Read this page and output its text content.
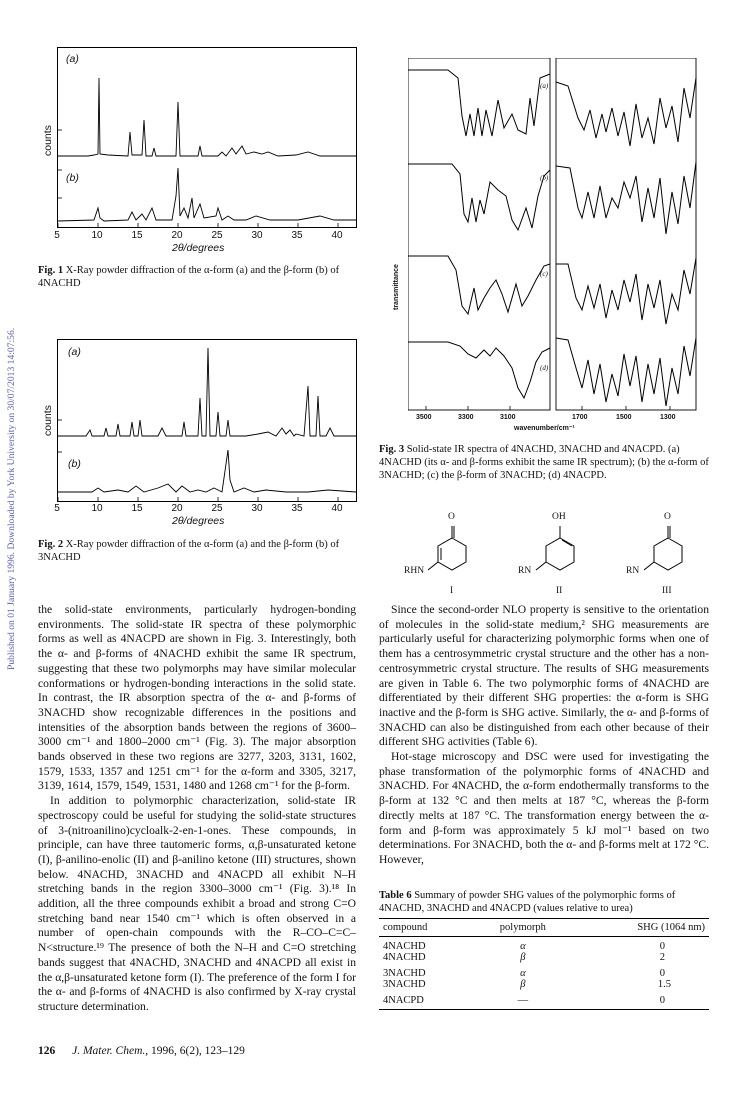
Published on 01 January 1996. Downloaded by York University on 30/07/2013 14:07:56.
(a)
(b)
counts
5	10	15	20	25	30	35	40
2θ/degrees
Fig. 1 X-Ray powder diffraction of the α-form (a) and the β-form (b) of 4NACHD
(a)
(b)
counts
5	10	15	20	25	30	35	40
2θ/degrees
Fig. 2 X-Ray powder diffraction of the α-form (a) and the β-form (b) of 3NACHD
(a)
(b)
(c)
(d)
3500	3300	3100	1700	1500	1300
wavenumber/cm⁻¹
transmittance
Fig. 3 Solid-state IR spectra of 4NACHD, 3NACHD and 4NACPD. (a) 4NACHD (its α- and β-forms exhibit the same IR spectrum); (b) the α-form of 3NACHD; (c) the β-form of 3NACHD; (d) 4NACPD.
O	OH	O
RHN	RN	RN
I	II	III

the solid-state environments, particularly hydrogen-bonding environments. The solid-state IR spectra of these polymorphic forms as well as 4NACPD are shown in Fig. 3. Interestingly, both the α- and β-forms of 4NACHD exhibit the same IR spectrum, suggesting that these two polymorphs may have similar molecular conformations or hydrogen-bonding interactions in the solid state. In contrast, the IR absorption spectra of the α- and β-forms of 3NACHD show recognizable differences in the positions and intensities of the absorption bands between the regions of 3600–3000 cm⁻¹ and 1800–2000 cm⁻¹ (Fig. 3). The major absorption bands observed in these two regions are 3277, 3203, 3131, 1602, 1579, 1533, 1357 and 1251 cm⁻¹ for the α-form and 3305, 3217, 3139, 1614, 1579, 1549, 1531, 1480 and 1268 cm⁻¹ for the β-form.

In addition to polymorphic characterization, solid-state IR spectroscopy could be useful for studying the solid-state structures of 3-(nitroanilino)cycloalk-2-en-1-ones. These compounds, in principle, can have three tautomeric forms, α,β-unsaturated ketone (I), β-anilino-enolic (II) and β-anilino ketone (III) structures, shown below. 4NACHD, 3NACHD and 4NACPD all exhibit N–H stretching bands in the region 3300–3000 cm⁻¹ (Fig. 3).¹⁸ In addition, all the three compounds exhibit a broad and strong C=O stretching band near 1540 cm⁻¹ which is often observed in a number of open-chain compounds with the R–CO–C=C–N<structure.¹⁹ The presence of both the N–H and C=O stretching bands suggest that 4NACHD, 3NACHD and 4NACPD all exist in the α,β-unsaturated ketone form (I). The preference of the form I for the α- and β-forms of 4NACHD is also confirmed by X-ray crystal structure determination.

Since the second-order NLO property is sensitive to the orientation of molecules in the solid-state medium,² SHG measurements are particularly useful for characterizing polymorphic forms when one of them has a centrosymmetric crystal structure and the other has a non-centrosymmetric crystal structure. The results of SHG measurements are given in Table 6. The two polymorphic forms of 4NACHD are differentiated by their different SHG properties: the α-form is SHG inactive and the β-form is SHG active. Similarly, the α- and β-forms of 3NACHD can also be distinguished from each other because of their different SHG activities (Table 6).

Hot-stage microscopy and DSC were used for investigating the phase transformation of the polymorphic forms of 4NACHD and 3NACHD. For 4NACHD, the α-form endothermally transforms to the β-form at 132 °C and then melts at 187 °C, whereas the β-form directly melts at 187 °C. The transformation energy between the α-form and β-form was approximately 5 kJ mol⁻¹ based on two determinations. For 3NACHD, both the α- and β-forms melt at 172 °C. However,

Table 6 Summary of powder SHG values of the polymorphic forms of 4NACHD, 3NACHD and 4NACPD (values relative to urea)
compound	polymorph	SHG (1064 nm)
4NACHD	α	0
4NACHD	β	2
3NACHD	α	0
3NACHD	β	1.5
4NACPD	—	0
126 J. Mater. Chem., 1996, 6(2), 123–129
